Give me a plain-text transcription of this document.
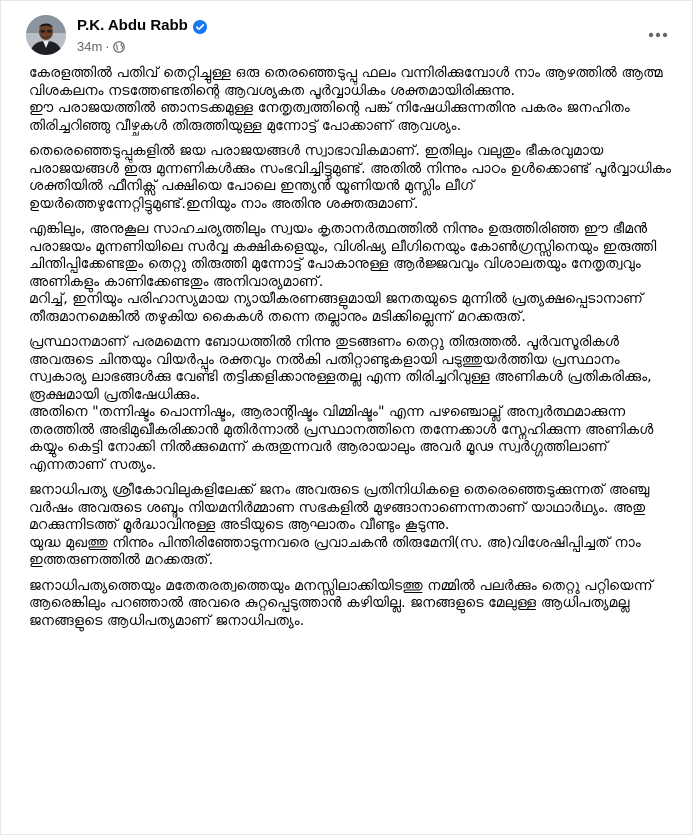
P.K. Abdu Rabb
34m ·

കേരളത്തിൽ പതിവ് തെറ്റിച്ചുള്ള ഒരു തെരഞ്ഞെടുപ്പു ഫലം വന്നിരിക്കുമ്പോൾ നാം ആഴത്തിൽ ആത്മ വിശകലനം നടത്തേണ്ടതിന്റെ ആവശ്യകത പൂർവ്വാധികം ശക്തമായിരിക്കുന്നു.
ഈ പരാജയത്തിൽ ഞാനടക്കമുള്ള നേതൃത്വത്തിന്റെ പങ്ക് നിഷേധിക്കുന്നതിനു പകരം ജനഹിതം തിരിച്ചറിഞ്ഞു വീഴ്ചകൾ തിരുത്തിയുള്ള മുന്നോട്ട് പോക്കാണ് ആവശ്യം.

തെരെഞ്ഞെടുപ്പുകളിൽ ജയ പരാജയങ്ങൾ സ്വാഭാവികമാണ്. ഇതിലും വലുതും ഭീകരവുമായ പരാജയങ്ങൾ ഇരു മുന്നണികൾക്കും സംഭവിച്ചിട്ടുമുണ്ട്. അതിൽ നിന്നും പാഠം ഉൾക്കൊണ്ട് പൂർവ്വാധികം ശക്തിയിൽ ഫീനിക്സ് പക്ഷിയെ പോലെ ഇന്ത്യൻ യൂണിയൻ മുസ്ലിം ലീഗ് ഉയർത്തെഴുന്നേറ്റിട്ടുമുണ്ട്.ഇനിയും നാം അതിനു ശക്തരുമാണ്.

എങ്കിലും, അനുകൂല സാഹചര്യത്തിലും സ്വയം കൃതാനർത്ഥത്തിൽ നിന്നും ഉരുത്തിരിഞ്ഞ ഈ ഭീമൻ പരാജയം മുന്നണിയിലെ സർവ്വ കക്ഷികളെയും, വിശിഷ്യ ലീഗിനെയും കോൺഗ്രസ്സിനെയും ഇരുത്തി ചിന്തിപ്പിക്കേണ്ടതും തെറ്റു തിരുത്തി മുന്നോട്ട് പോകാനുള്ള ആർജ്ജവവും വിശാലതയും നേതൃത്വവും അണികളും കാണിക്കേണ്ടതും അനിവാര്യമാണ്.
മറിച്ച്, ഇനിയും പരിഹാസ്യമായ ന്യായീകരണങ്ങളുമായി ജനതയുടെ മുന്നിൽ പ്രത്യക്ഷപ്പെടാനാണ് തീരുമാനമെങ്കിൽ തഴുകിയ കൈകൾ തന്നെ തല്ലാനും മടിക്കില്ലെന്ന് മറക്കരുത്.

പ്രസ്ഥാനമാണ് പരമമെന്ന ബോധത്തിൽ നിന്നു തുടങ്ങണം തെറ്റു തിരുത്തൽ. പൂർവസൂരികൾ അവരുടെ ചിന്തയും വിയർപ്പും രക്തവും നൽകി പതിറ്റാണ്ടുകളായി പടുത്തുയർത്തിയ പ്രസ്ഥാനം സ്വകാര്യ ലാഭങ്ങൾക്കു വേണ്ടി തട്ടിക്കളിക്കാനുള്ളതല്ല എന്ന തിരിച്ചറിവുള്ള അണികൾ പ്രതികരിക്കും, രൂക്ഷമായി പ്രതിഷേധിക്കും.
അതിനെ "തന്നിഷ്ടം പൊന്നിഷ്ടം, ആരാന്റിഷ്ടം വിമ്മിഷ്ടം" എന്ന പഴഞ്ചൊല്ല് അന്വർത്ഥമാക്കുന്ന തരത്തിൽ അഭിമുഖീകരിക്കാൻ മുതിർന്നാൽ പ്രസ്ഥാനത്തിനെ തന്നേക്കാൾ സ്നേഹിക്കുന്ന അണികൾ കയ്യും കെട്ടി നോക്കി നിൽക്കുമെന്ന് കരുതുന്നവർ ആരായാലും അവർ മൂഢ സ്വർഗ്ഗത്തിലാണ് എന്നതാണ് സത്യം.

ജനാധിപത്യ ശ്രീകോവിലുകളിലേക്ക് ജനം അവരുടെ പ്രതിനിധികളെ തെരെഞ്ഞെടുക്കുന്നത് അഞ്ചു വർഷം അവരുടെ ശബ്ദം നിയമനിർമ്മാണ സഭകളിൽ മുഴങ്ങാനാണെന്നതാണ് യാഥാർഥ്യം. അതു മറക്കുന്നിടത്ത് മൂർദ്ധാവിനുള്ള അടിയുടെ ആഘാതം വീണ്ടും കൂടുന്നു.
യുദ്ധ മുഖത്തു നിന്നും പിന്തിരിഞ്ഞോടുന്നവരെ പ്രവാചകൻ തിരുമേനി(സ. അ)വിശേഷിപ്പിച്ചത് നാം ഇത്തരുണത്തിൽ മറക്കരുത്.

ജനാധിപത്യത്തെയും മതേതരത്വത്തെയും മനസ്സിലാക്കിയിടത്തു നമ്മിൽ പലർക്കും തെറ്റു പറ്റിയെന്ന് ആരെങ്കിലും പറഞ്ഞാൽ അവരെ കുറ്റപ്പെടുത്താൻ കഴിയില്ല. ജനങ്ങളുടെ മേലുള്ള ആധിപത്യമല്ല ജനങ്ങളുടെ ആധിപത്യമാണ് ജനാധിപത്യം.
